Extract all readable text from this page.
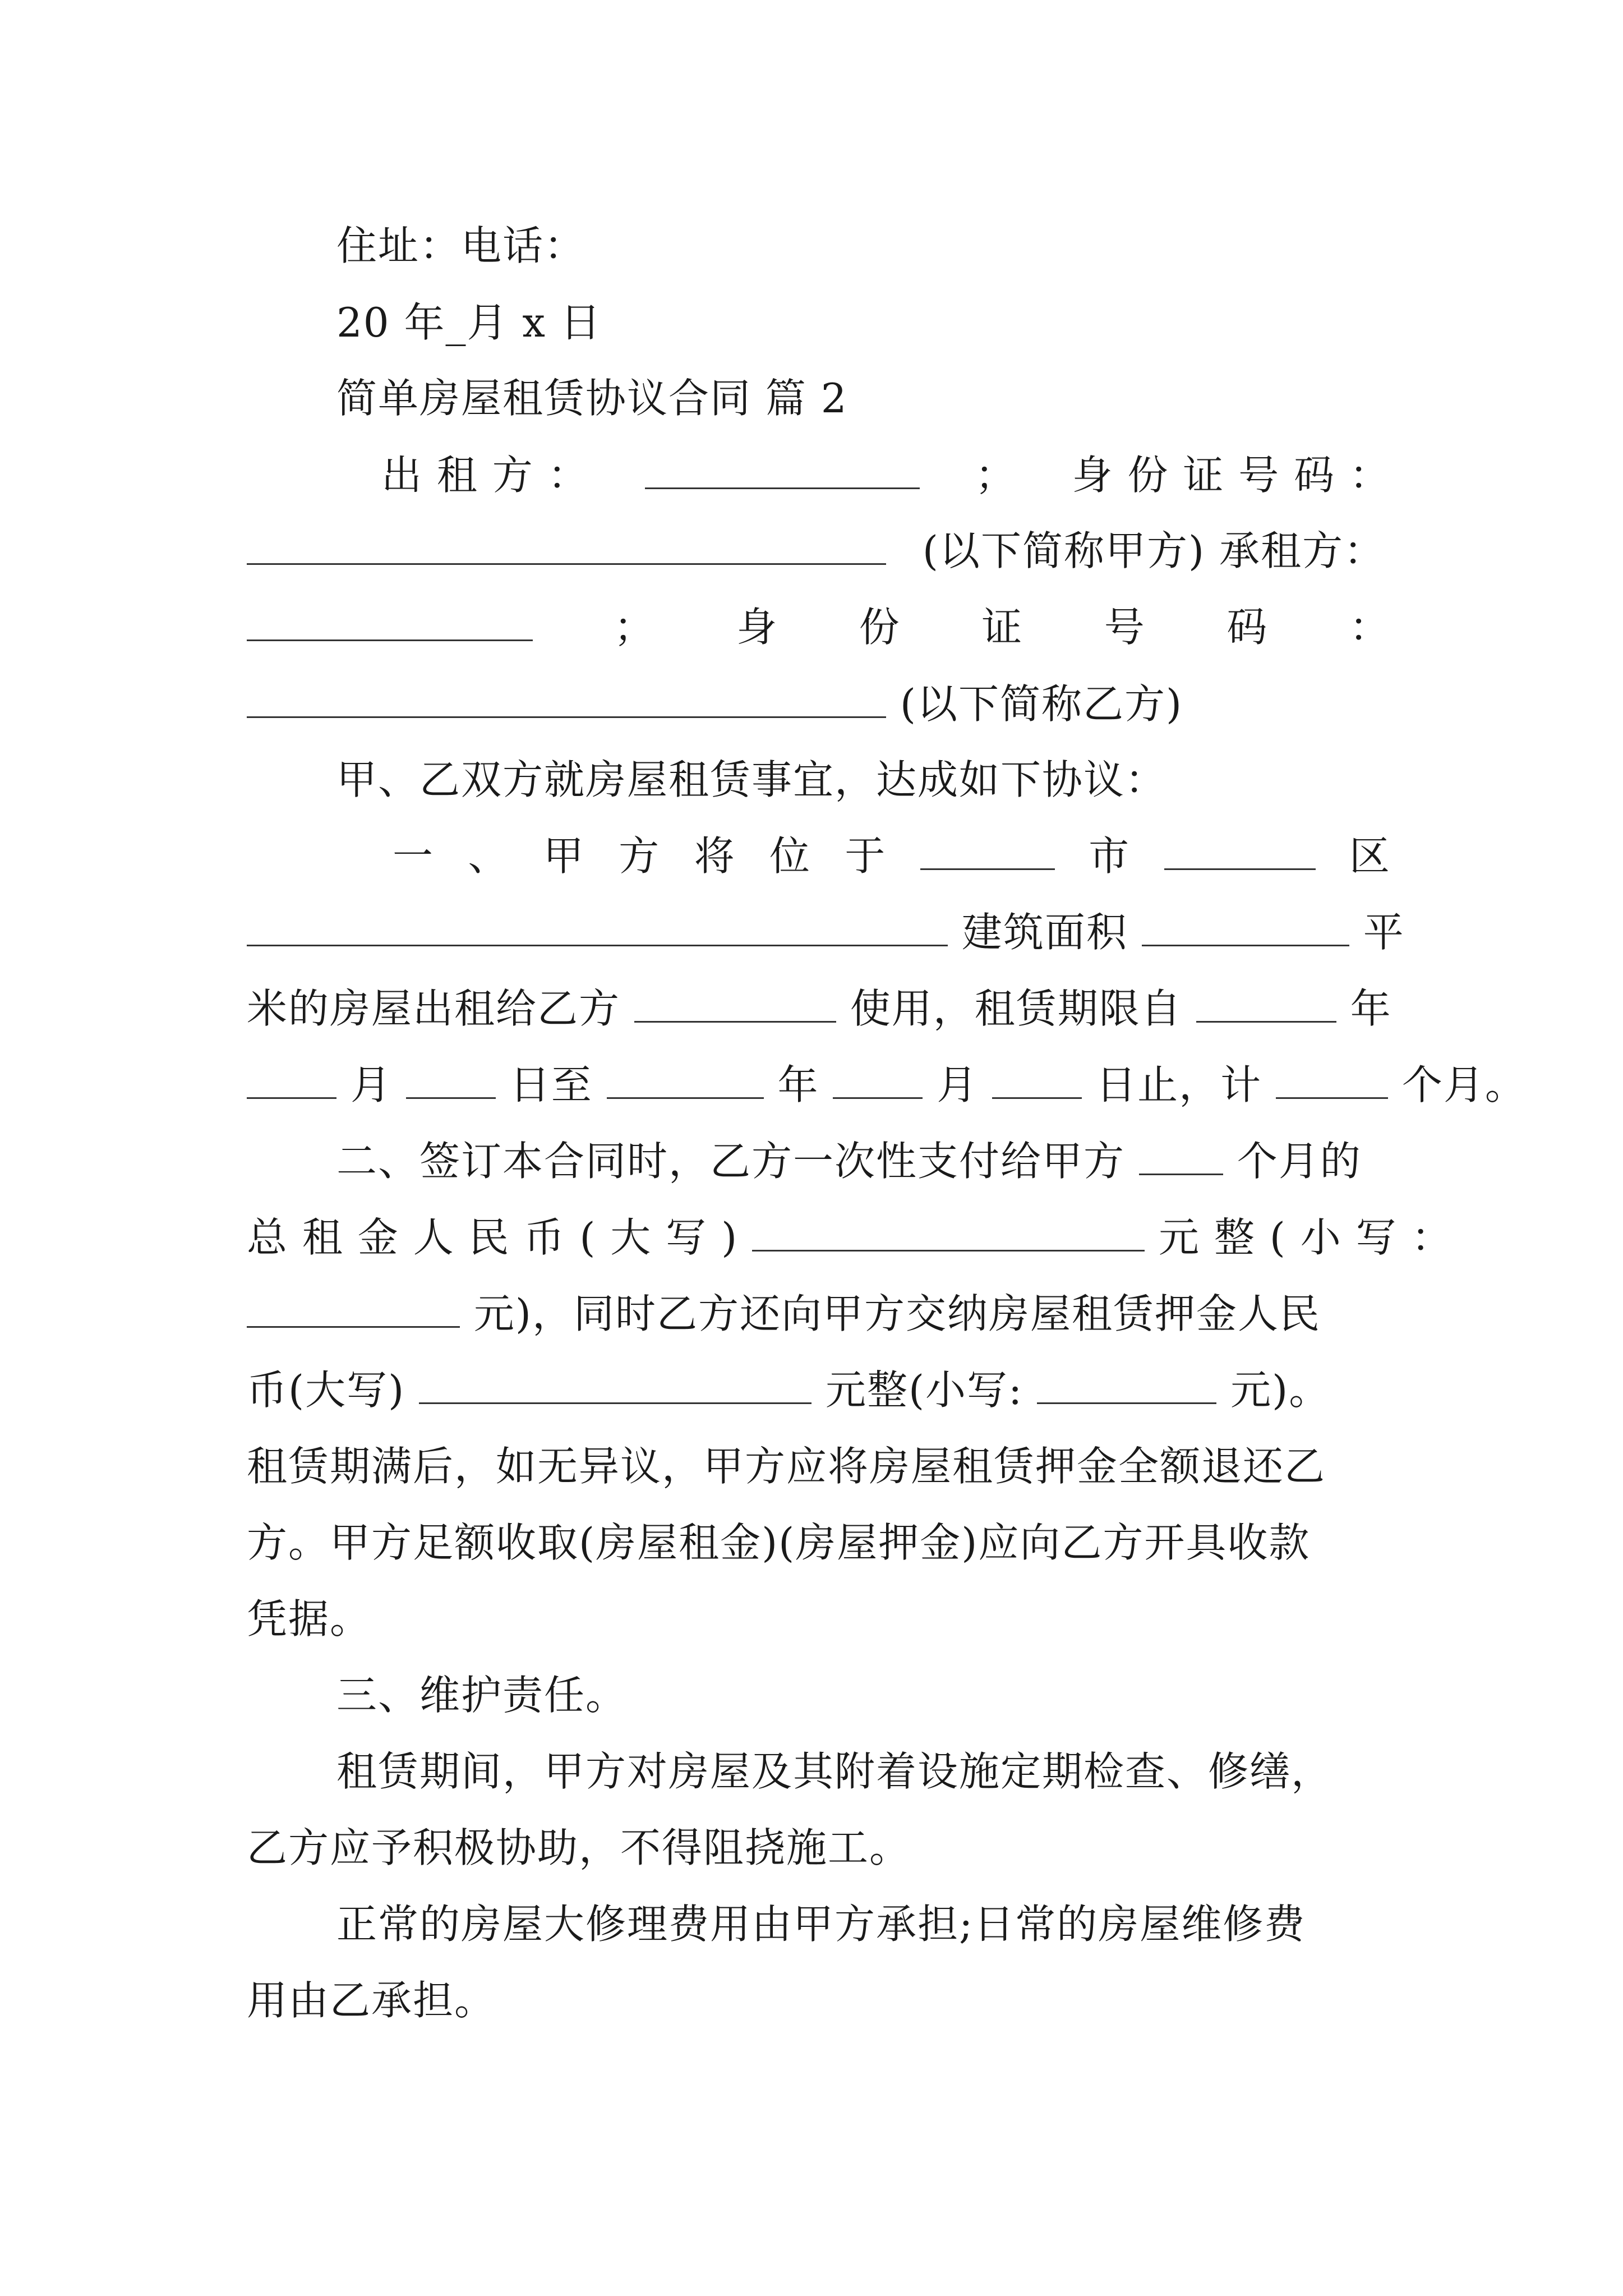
住址：电话：
20 年_月 x 日
简单房屋租赁协议合同 篇 2
出 租 方 ：	； 身 份 证 号 码 ：
(以下简称甲方) 承租方：
； 身 份 证 号 码 ：
(以下简称乙方)
甲、乙双方就房屋租赁事宜，达成如下协议：
一 、 甲 方 将 位 于	市	区
建筑面积	平
米的房屋出租给乙方	使用，租赁期限自	年
月	日至	年	月	日止，计	个月。
二、签订本合同时，乙方一次性支付给甲方	个月的
总 租 金 人 民 币 ( 大 写 )	元 整 ( 小 写 ：
元)，同时乙方还向甲方交纳房屋租赁押金人民
币(大写)	元整(小写:	元)。
租赁期满后，如无异议，甲方应将房屋租赁押金全额退还乙
方。甲方足额收取(房屋租金)(房屋押金)应向乙方开具收款
凭据。
三、维护责任。
租赁期间，甲方对房屋及其附着设施定期检查、修缮，
乙方应予积极协助，不得阻挠施工。
正常的房屋大修理费用由甲方承担;日常的房屋维修费
用由乙承担。
